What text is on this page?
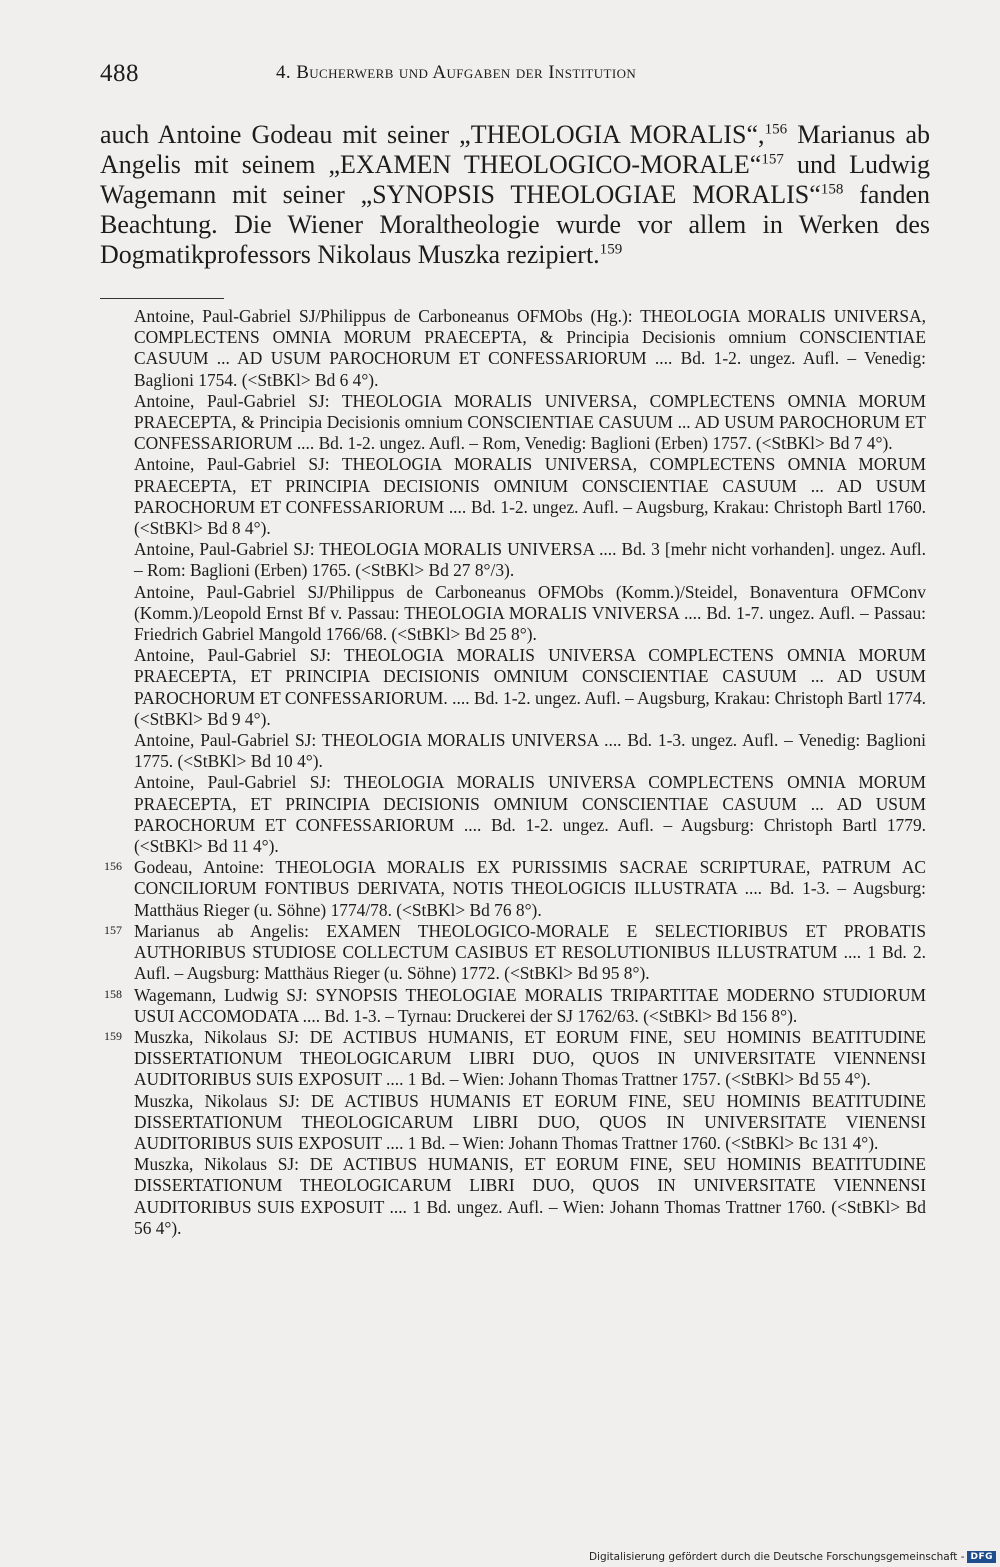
488	4. Bucherwerb und Aufgaben der Institution

auch Antoine Godeau mit seiner „THEOLOGIA MORALIS“,$^{156}$ Marianus ab Angelis mit seinem „EXAMEN THEOLOGICO-MORALE“$^{157}$ und Ludwig Wagemann mit seiner „SYNOPSIS THEOLOGIAE MORALIS“$^{158}$ fanden Beachtung. Die Wiener Moraltheologie wurde vor allem in Werken des Dogmatikprofessors Nikolaus Muszka rezipiert.$^{159}$

Antoine, Paul-Gabriel SJ/Philippus de Carboneanus OFMObs (Hg.): THEOLOGIA MORALIS UNIVERSA, COMPLECTENS OMNIA MORUM PRAECEPTA, & Principia Decisionis omnium CONSCIENTIAE CASUUM ... AD USUM PAROCHORUM ET CONFESSARIORUM .... Bd. 1-2. ungez. Aufl. – Venedig: Baglioni 1754. (<StBKl> Bd 6 4°).

Antoine, Paul-Gabriel SJ: THEOLOGIA MORALIS UNIVERSA, COMPLECTENS OMNIA MORUM PRAECEPTA, & Principia Decisionis omnium CONSCIENTIAE CASUUM ... AD USUM PAROCHORUM ET CONFESSARIORUM .... Bd. 1-2. ungez. Aufl. – Rom, Venedig: Baglioni (Erben) 1757. (<StBKl> Bd 7 4°).

Antoine, Paul-Gabriel SJ: THEOLOGIA MORALIS UNIVERSA, COMPLECTENS OMNIA MORUM PRAECEPTA, ET PRINCIPIA DECISIONIS OMNIUM CONSCIENTIAE CASUUM ... AD USUM PAROCHORUM ET CONFESSARIORUM .... Bd. 1-2. ungez. Aufl. – Augsburg, Krakau: Christoph Bartl 1760. (<StBKl> Bd 8 4°).

Antoine, Paul-Gabriel SJ: THEOLOGIA MORALIS UNIVERSA .... Bd. 3 [mehr nicht vorhanden]. ungez. Aufl. – Rom: Baglioni (Erben) 1765. (<StBKl> Bd 27 8°/3).

Antoine, Paul-Gabriel SJ/Philippus de Carboneanus OFMObs (Komm.)/Steidel, Bonaventura OFMConv (Komm.)/Leopold Ernst Bf v. Passau: THEOLOGIA MORALIS VNIVERSA .... Bd. 1-7. ungez. Aufl. – Passau: Friedrich Gabriel Mangold 1766/68. (<StBKl> Bd 25 8°).

Antoine, Paul-Gabriel SJ: THEOLOGIA MORALIS UNIVERSA COMPLECTENS OMNIA MORUM PRAECEPTA, ET PRINCIPIA DECISIONIS OMNIUM CONSCIENTIAE CASUUM ... AD USUM PAROCHORUM ET CONFESSARIORUM. .... Bd. 1-2. ungez. Aufl. – Augsburg, Krakau: Christoph Bartl 1774. (<StBKl> Bd 9 4°).

Antoine, Paul-Gabriel SJ: THEOLOGIA MORALIS UNIVERSA .... Bd. 1-3. ungez. Aufl. – Venedig: Baglioni 1775. (<StBKl> Bd 10 4°).

Antoine, Paul-Gabriel SJ: THEOLOGIA MORALIS UNIVERSA COMPLECTENS OMNIA MORUM PRAECEPTA, ET PRINCIPIA DECISIONIS OMNIUM CONSCIENTIAE CASUUM ... AD USUM PAROCHORUM ET CONFESSARIORUM .... Bd. 1-2. ungez. Aufl. – Augsburg: Christoph Bartl 1779. (<StBKl> Bd 11 4°).

156 Godeau, Antoine: THEOLOGIA MORALIS EX PURISSIMIS SACRAE SCRIPTURAE, PATRUM AC CONCILIORUM FONTIBUS DERIVATA, NOTIS THEOLOGICIS ILLUSTRATA .... Bd. 1-3. – Augsburg: Matthäus Rieger (u. Söhne) 1774/78. (<StBKl> Bd 76 8°).

157 Marianus ab Angelis: EXAMEN THEOLOGICO-MORALE E SELECTIORIBUS ET PROBATIS AUTHORIBUS STUDIOSE COLLECTUM CASIBUS ET RESOLUTIONIBUS ILLUSTRATUM .... 1 Bd. 2. Aufl. – Augsburg: Matthäus Rieger (u. Söhne) 1772. (<StBKl> Bd 95 8°).

158 Wagemann, Ludwig SJ: SYNOPSIS THEOLOGIAE MORALIS TRIPARTITAE MODERNO STUDIORUM USUI ACCOMODATA .... Bd. 1-3. – Tyrnau: Druckerei der SJ 1762/63. (<StBKl> Bd 156 8°).

159 Muszka, Nikolaus SJ: DE ACTIBUS HUMANIS, ET EORUM FINE, SEU HOMINIS BEATITUDINE DISSERTATIONUM THEOLOGICARUM LIBRI DUO, QUOS IN UNIVERSITATE VIENNENSI AUDITORIBUS SUIS EXPOSUIT .... 1 Bd. – Wien: Johann Thomas Trattner 1757. (<StBKl> Bd 55 4°).

Muszka, Nikolaus SJ: DE ACTIBUS HUMANIS ET EORUM FINE, SEU HOMINIS BEATITUDINE DISSERTATIONUM THEOLOGICARUM LIBRI DUO, QUOS IN UNIVERSITATE VIENENSI AUDITORIBUS SUIS EXPOSUIT .... 1 Bd. – Wien: Johann Thomas Trattner 1760. (<StBKl> Bc 131 4°).

Muszka, Nikolaus SJ: DE ACTIBUS HUMANIS, ET EORUM FINE, SEU HOMINIS BEATITUDINE DISSERTATIONUM THEOLOGICARUM LIBRI DUO, QUOS IN UNIVERSITATE VIENNENSI AUDITORIBUS SUIS EXPOSUIT .... 1 Bd. ungez. Aufl. – Wien: Johann Thomas Trattner 1760. (<StBKl> Bd 56 4°).

Digitalisierung gefördert durch die Deutsche Forschungsgemeinschaft - DFG
